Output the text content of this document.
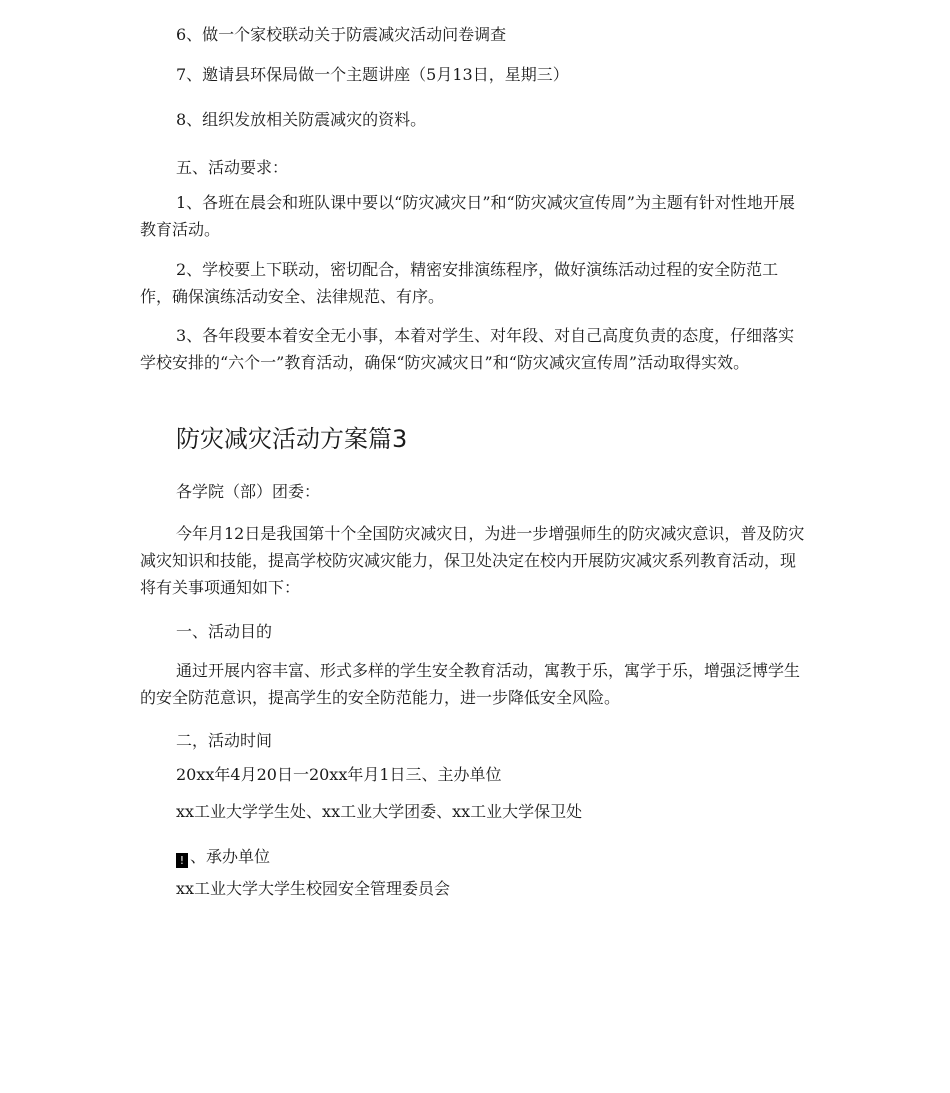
6、做一个家校联动关于防震减灾活动问卷调查

7、邀请县环保局做一个主题讲座（5月13日，星期三）

8、组织发放相关防震减灾的资料。

五、活动要求：

1、各班在晨会和班队课中要以“防灾减灾日”和“防灾减灾宣传周”为主题有针对性地开展教育活动。

2、学校要上下联动，密切配合，精密安排演练程序，做好演练活动过程的安全防范工作，确保演练活动安全、法律规范、有序。

3、各年段要本着安全无小事，本着对学生、对年段、对自己高度负责的态度，仔细落实学校安排的“六个一”教育活动，确保“防灾减灾日”和“防灾减灾宣传周”活动取得实效。

防灾减灾活动方案篇3

各学院（部）团委：

今年月12日是我国第十个全国防灾减灾日，为进一步增强师生的防灾减灾意识，普及防灾减灾知识和技能，提高学校防灾减灾能力，保卫处决定在校内开展防灾减灾系列教育活动，现将有关事项通知如下：

一、活动目的

通过开展内容丰富、形式多样的学生安全教育活动，寓教于乐，寓学于乐，增强泛博学生的安全防范意识，提高学生的安全防范能力，进一步降低安全风险。

二，活动时间

20xx年4月20日一20xx年月1日三、主办单位

xx工业大学学生处、xx工业大学团委、xx工业大学保卫处

! 、承办单位

xx工业大学大学生校园安全管理委员会
